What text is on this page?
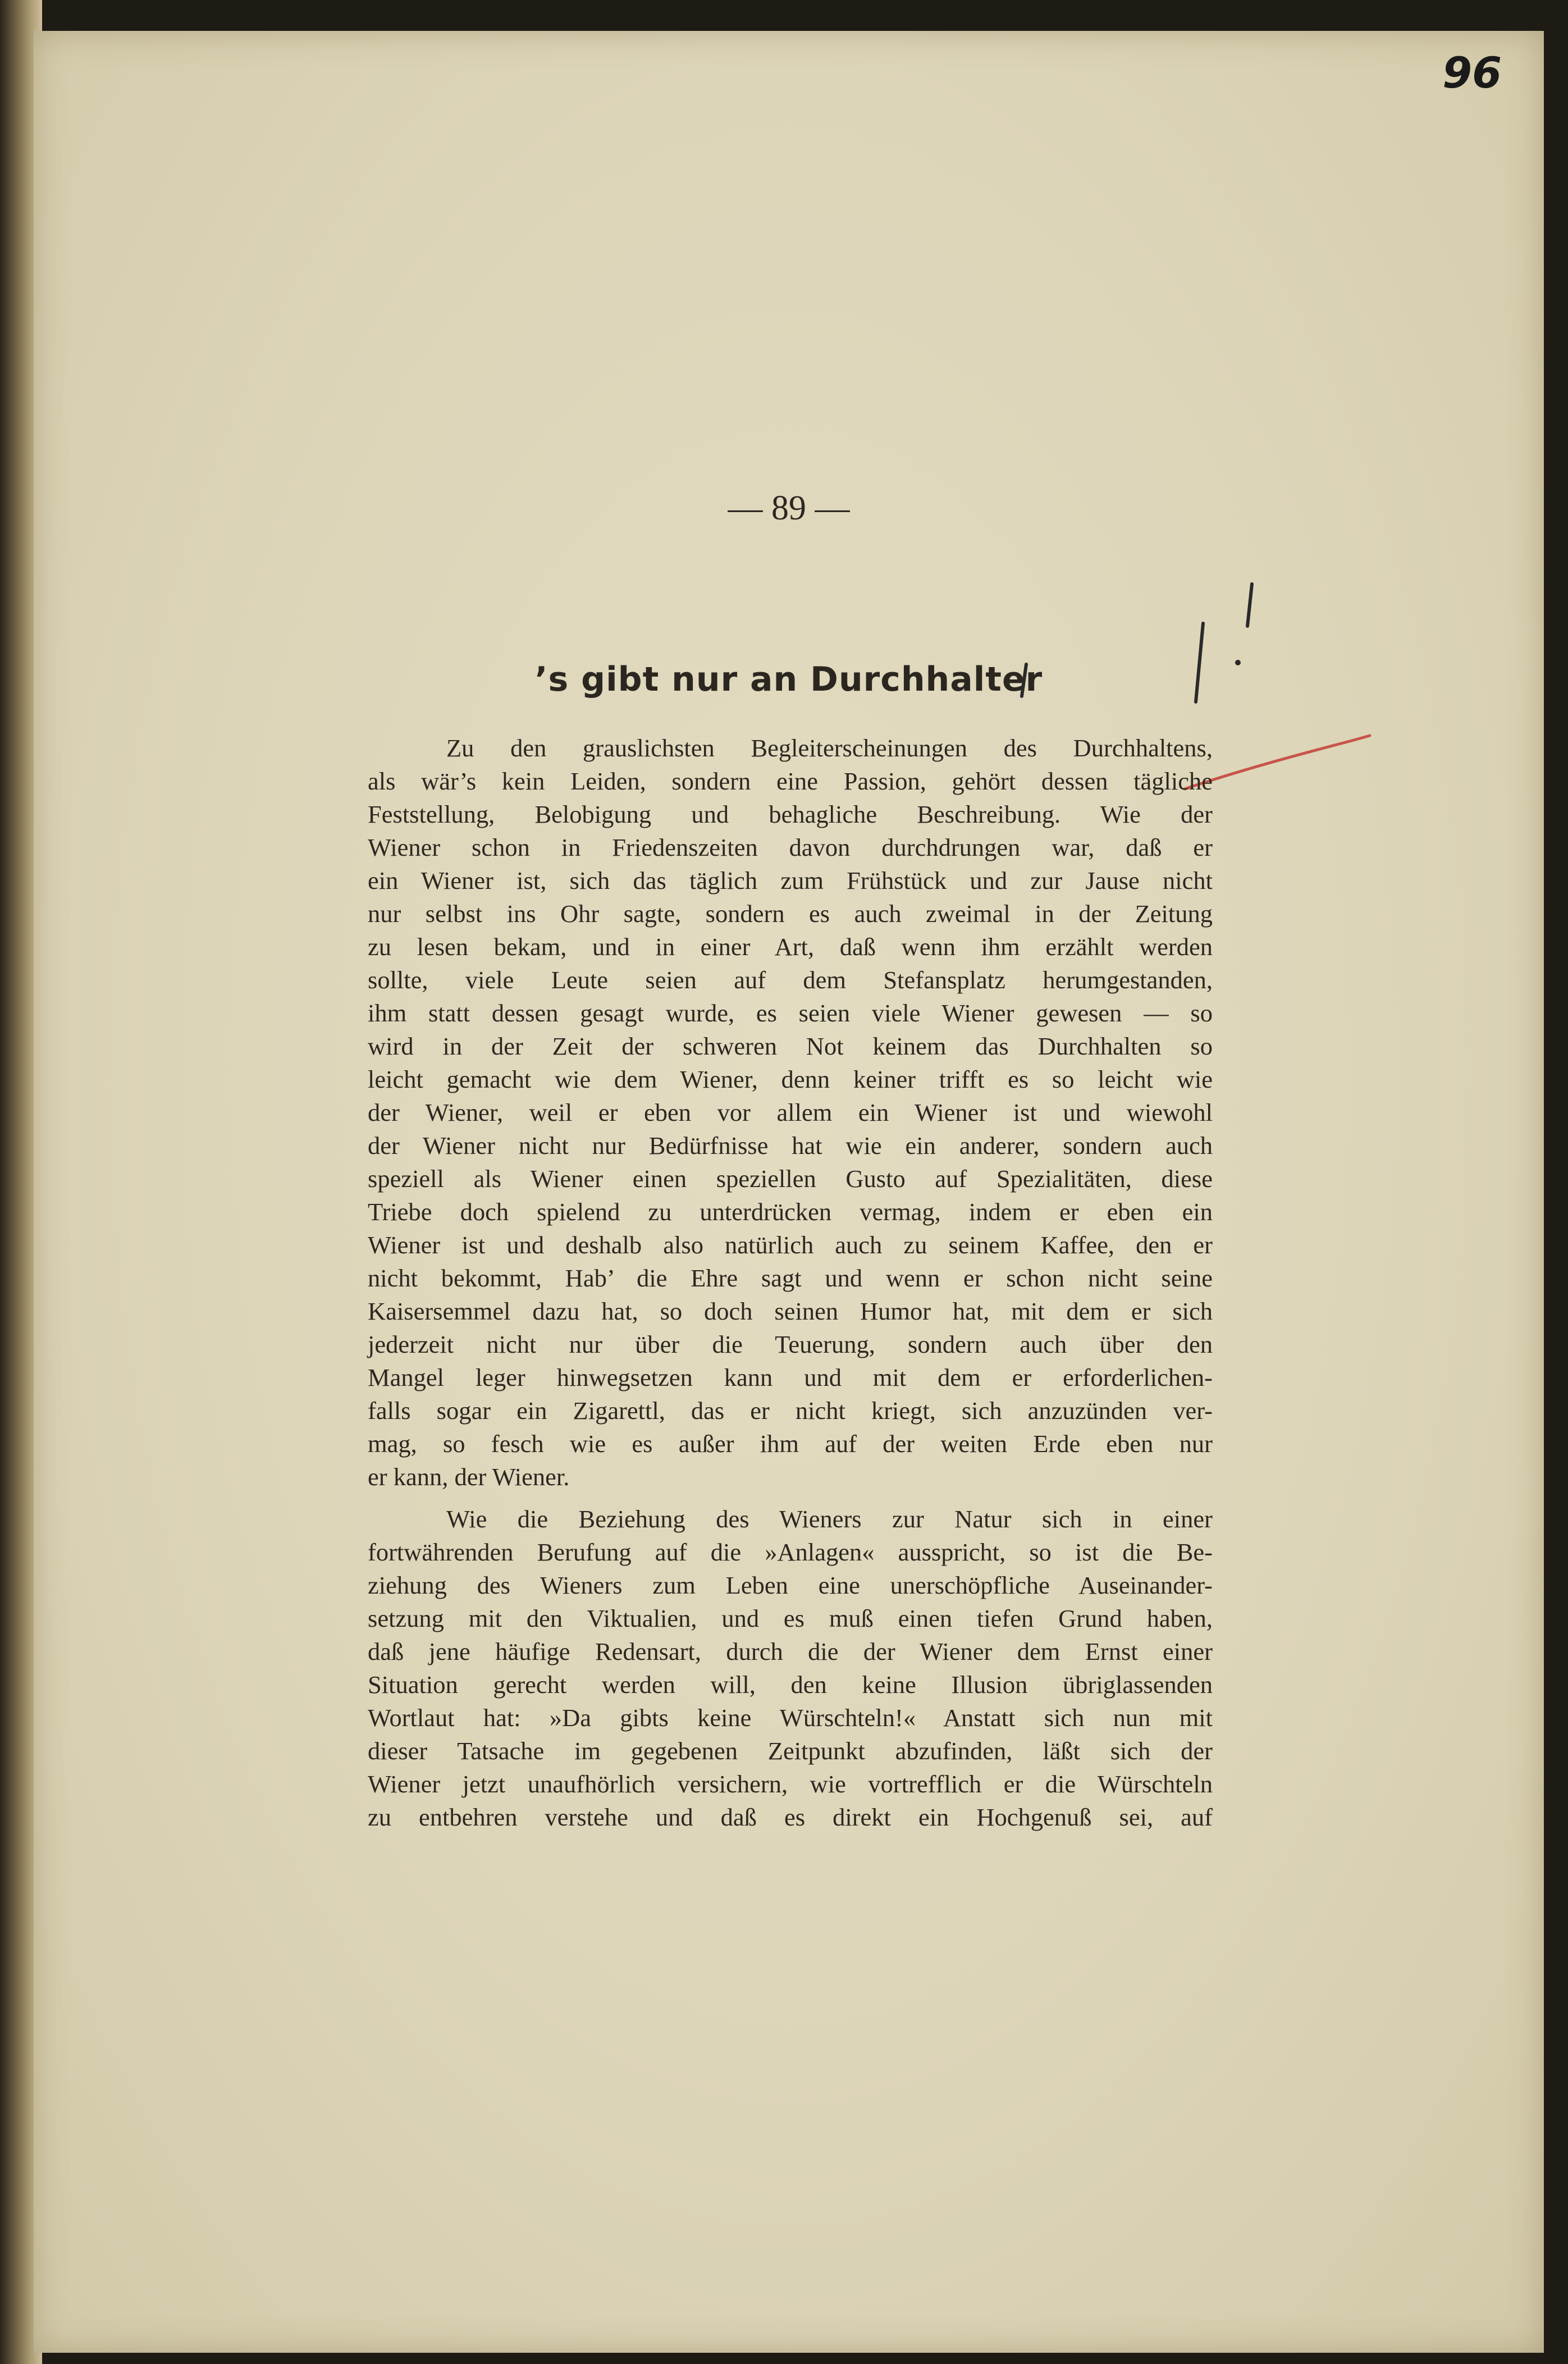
96
— 89 —
’s gibt nur an Durchhalter
Zu den grauslichsten Begleiterscheinungen des Durchhaltens,
als wär’s kein Leiden, sondern eine Passion, gehört dessen tägliche
Feststellung, Belobigung und behagliche Beschreibung. Wie der
Wiener schon in Friedenszeiten davon durchdrungen war, daß er
ein Wiener ist, sich das täglich zum Frühstück und zur Jause nicht
nur selbst ins Ohr sagte, sondern es auch zweimal in der Zeitung
zu lesen bekam, und in einer Art, daß wenn ihm erzählt werden
sollte, viele Leute seien auf dem Stefansplatz herumgestanden,
ihm statt dessen gesagt wurde, es seien viele Wiener gewesen — so
wird in der Zeit der schweren Not keinem das Durchhalten so
leicht gemacht wie dem Wiener, denn keiner trifft es so leicht wie
der Wiener, weil er eben vor allem ein Wiener ist und wiewohl
der Wiener nicht nur Bedürfnisse hat wie ein anderer, sondern auch
speziell als Wiener einen speziellen Gusto auf Spezialitäten, diese
Triebe doch spielend zu unterdrücken vermag, indem er eben ein
Wiener ist und deshalb also natürlich auch zu seinem Kaffee, den er
nicht bekommt, Hab’ die Ehre sagt und wenn er schon nicht seine
Kaisersemmel dazu hat, so doch seinen Humor hat, mit dem er sich
jederzeit nicht nur über die Teuerung, sondern auch über den
Mangel leger hinwegsetzen kann und mit dem er erforderlichen-
falls sogar ein Zigarettl, das er nicht kriegt, sich anzuzünden ver-
mag, so fesch wie es außer ihm auf der weiten Erde eben nur
er kann, der Wiener.
Wie die Beziehung des Wieners zur Natur sich in einer
fortwährenden Berufung auf die »Anlagen« ausspricht, so ist die Be-
ziehung des Wieners zum Leben eine unerschöpfliche Auseinander-
setzung mit den Viktualien, und es muß einen tiefen Grund haben,
daß jene häufige Redensart, durch die der Wiener dem Ernst einer
Situation gerecht werden will, den keine Illusion übriglassenden
Wortlaut hat: »Da gibts keine Würschteln!« Anstatt sich nun mit
dieser Tatsache im gegebenen Zeitpunkt abzufinden, läßt sich der
Wiener jetzt unaufhörlich versichern, wie vortrefflich er die Würschteln
zu entbehren verstehe und daß es direkt ein Hochgenuß sei, auf
